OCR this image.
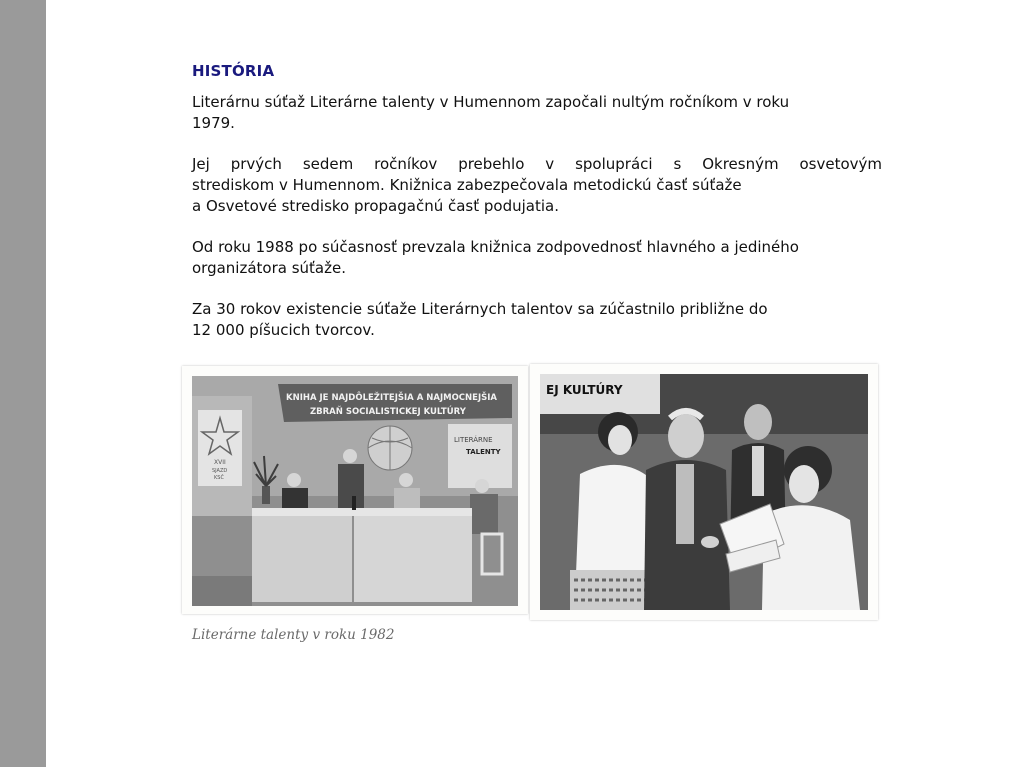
HISTÓRIA
Literárnu súťaž Literárne talenty v Humennom započali nultým ročníkom v roku
1979.
Jej prvých sedem ročníkov prebehlo v spolupráci s Okresným osvetovým
strediskom v Humennom. Knižnica zabezpečovala metodickú časť súťaže
a Osvetové stredisko propagačnú časť podujatia.
Od roku 1988 po súčasnosť prevzala knižnica zodpovednosť hlavného a jediného
organizátora súťaže.
Za 30 rokov existencie súťaže Literárnych talentov sa zúčastnilo približne do
12 000 píšucich tvorcov.
KNIHA JE NAJDÔLEŽITEJŠIA A NAJMOCNEJŠIA
ZBRAŇ SOCIALISTICKEJ KULTÚRY
XVII
SJAZD
KSČ
LITERÁRNE
TALENTY
EJ KULTÚRY
Literárne talenty v roku 1982
